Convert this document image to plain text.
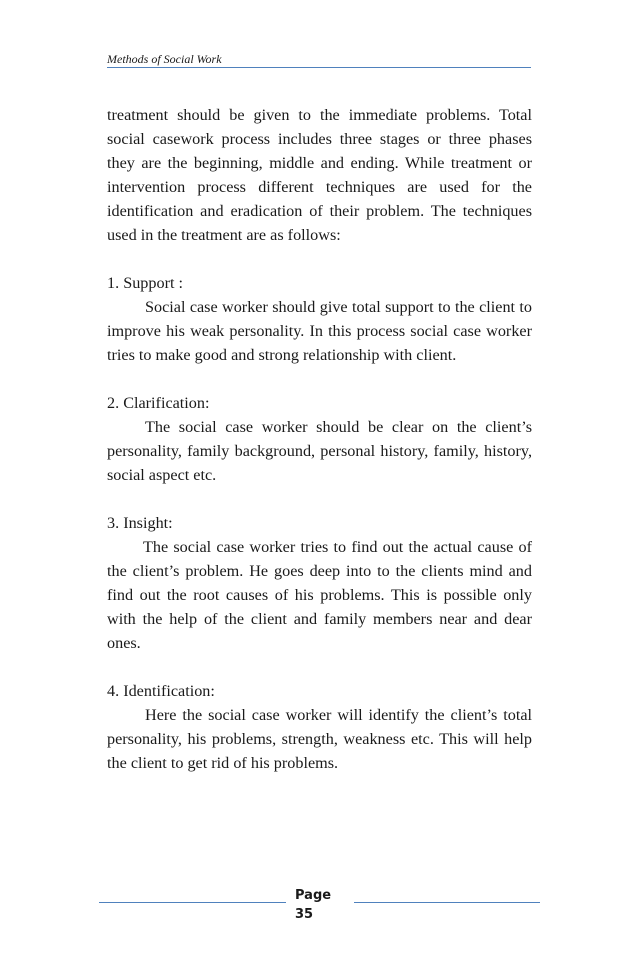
Methods of Social Work

treatment should be given to the immediate problems. Total social casework process includes three stages or three phases they are the beginning, middle and ending. While treatment or intervention process different techniques are used for the identification and eradication of their problem. The techniques used in the treatment are as follows:

1. Support :

Social case worker should give total support to the client to improve his weak personality. In this process social case worker tries to make good and strong relationship with client.

2. Clarification:

The social case worker should be clear on the client’s personality, family background, personal history, family, history, social aspect etc.

3. Insight:

The social case worker tries to find out the actual cause of the client’s problem. He goes deep into to the clients mind and find out the root causes of his problems. This is possible only with the help of the client and family members near and dear ones.

4. Identification:

Here the social case worker will identify the client’s total personality, his problems, strength, weakness etc. This will help the client to get rid of his problems.

Page
35
